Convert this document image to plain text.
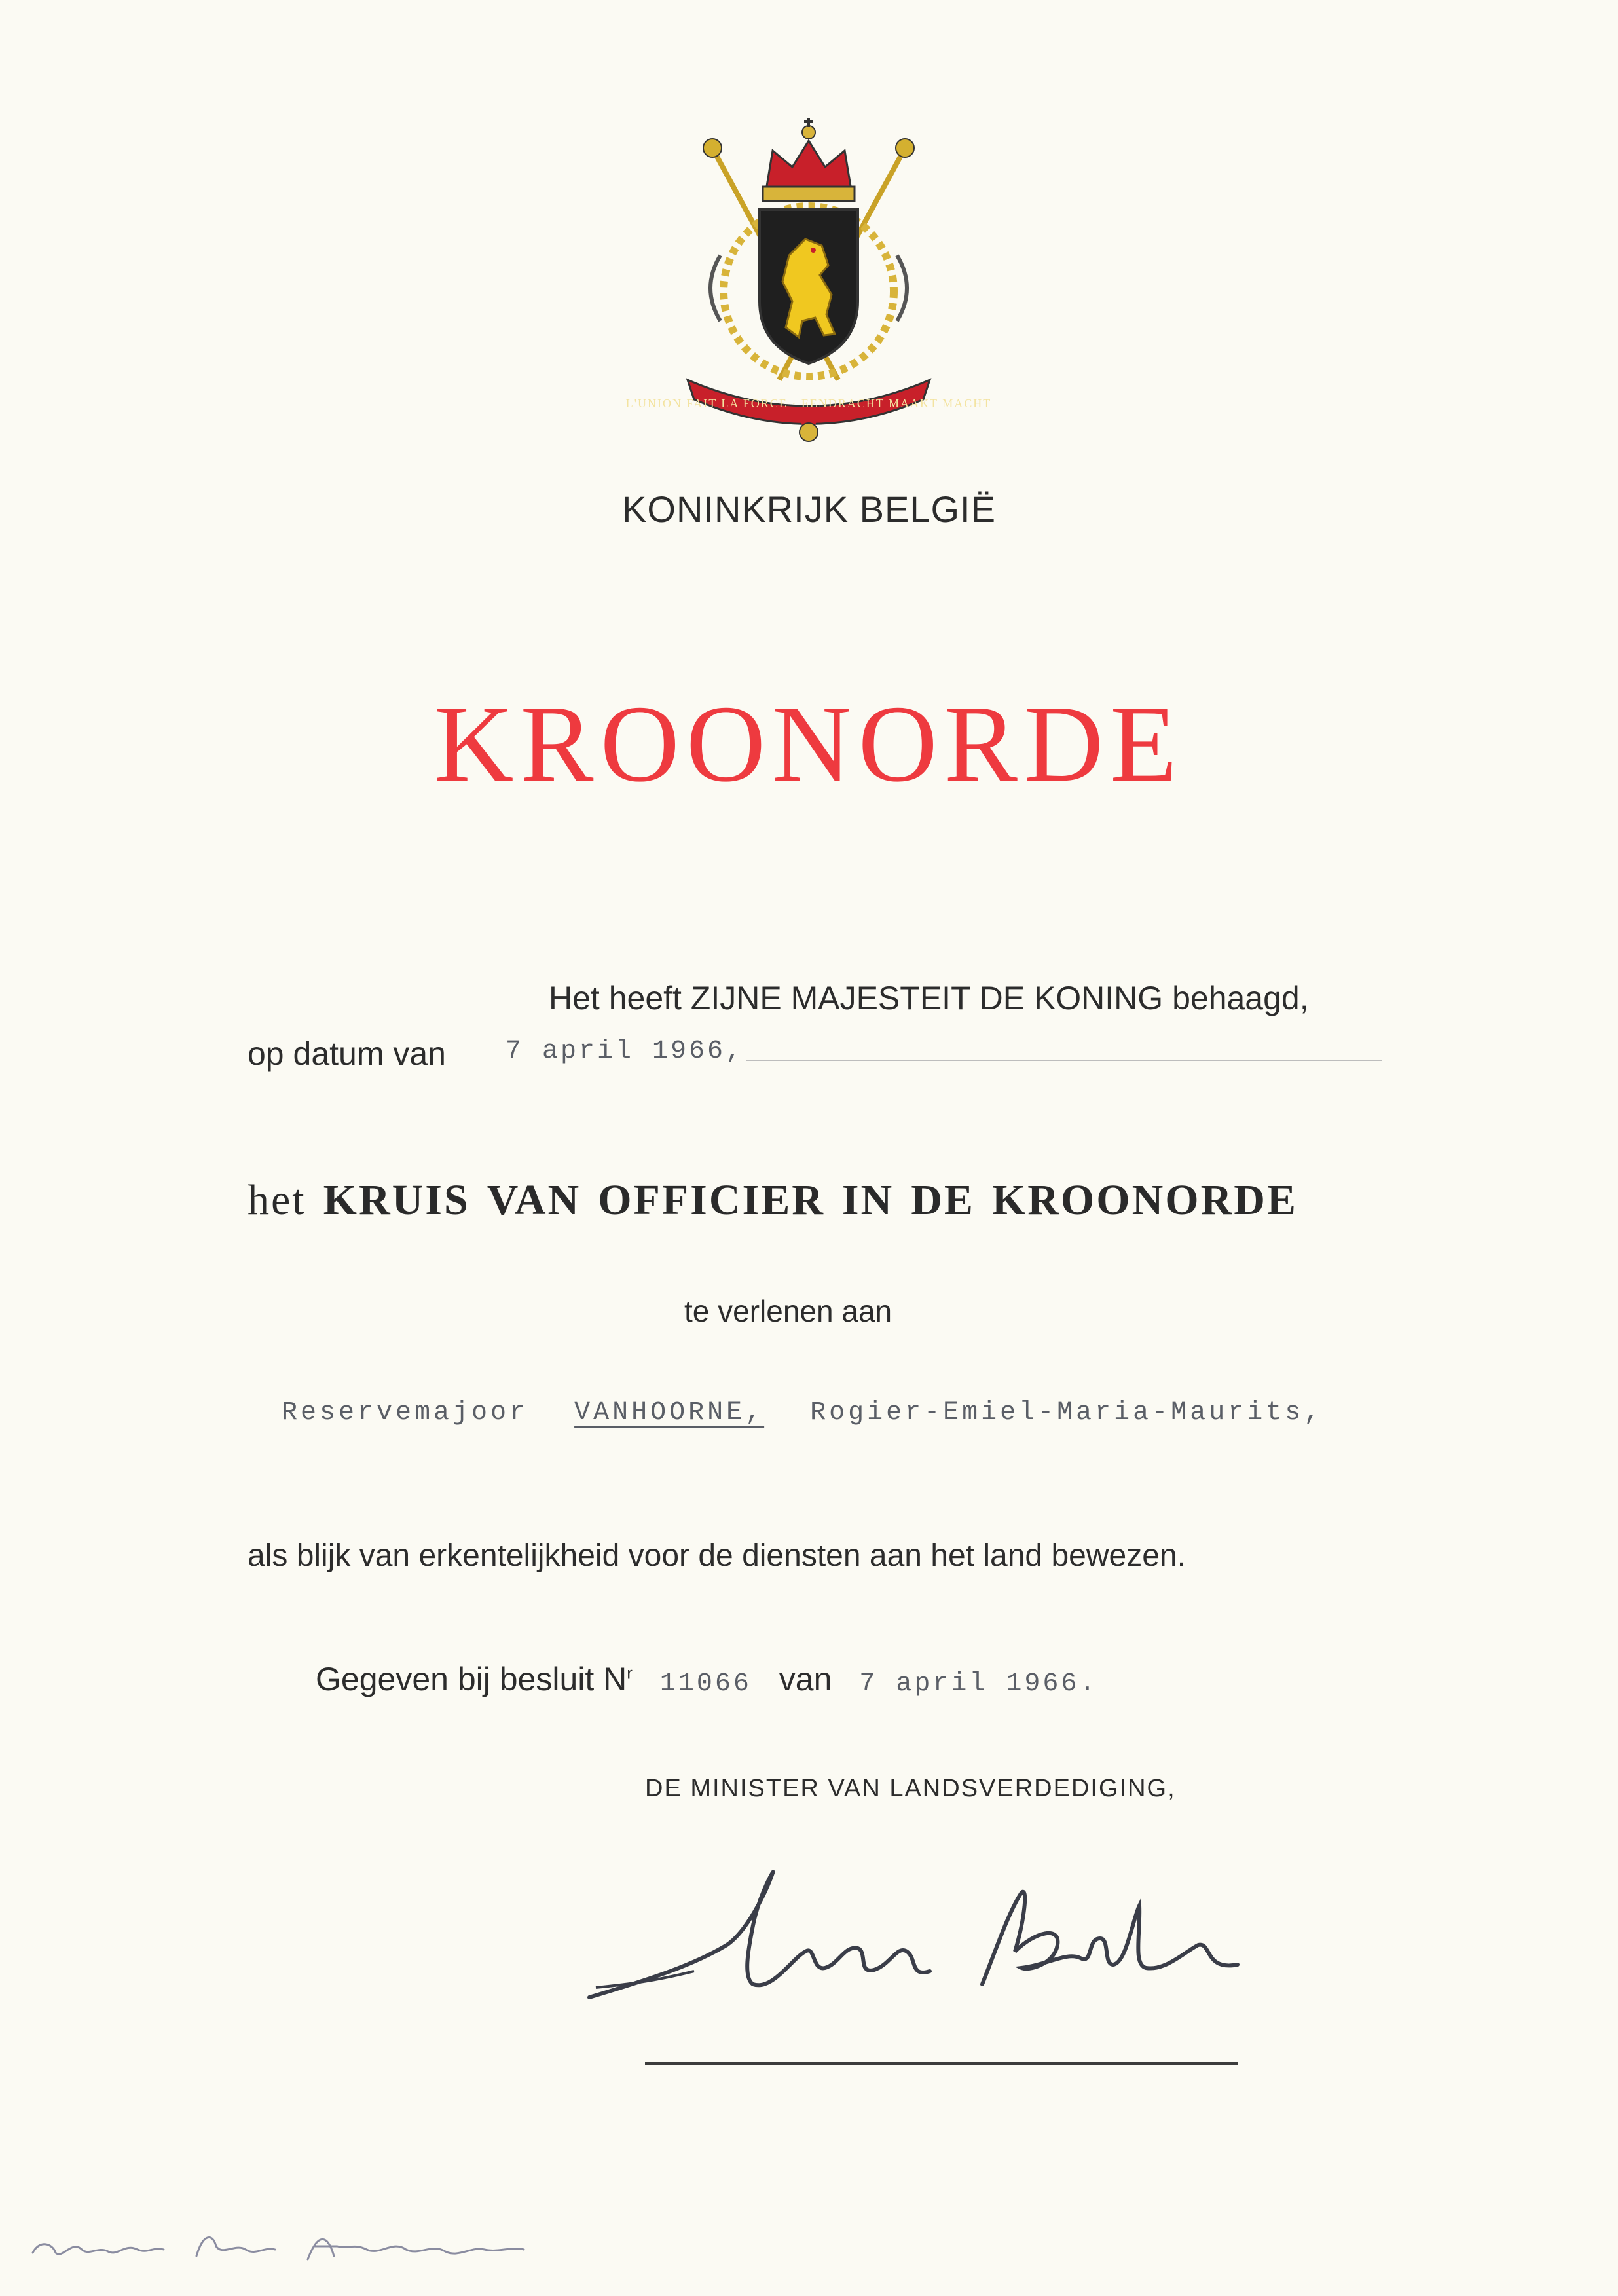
L'UNION FAIT LA FORCE · EENDRACHT MAAKT MACHT
KONINKRIJK BELGIË
KROONORDE
Het heeft ZIJNE MAJESTEIT DE KONING behaagd,
op datum van 7 april 1966,
het KRUIS VAN OFFICIER IN DE KROONORDE
te verlenen aan
Reservemajoor VANHOORNE, Rogier-Emiel-Maria-Maurits,
als blijk van erkentelijkheid voor de diensten aan het land bewezen.
Gegeven bij besluit $N^r$ 11066 van 7 april 1966.
DE MINISTER VAN LANDSVERDEDIGING,
